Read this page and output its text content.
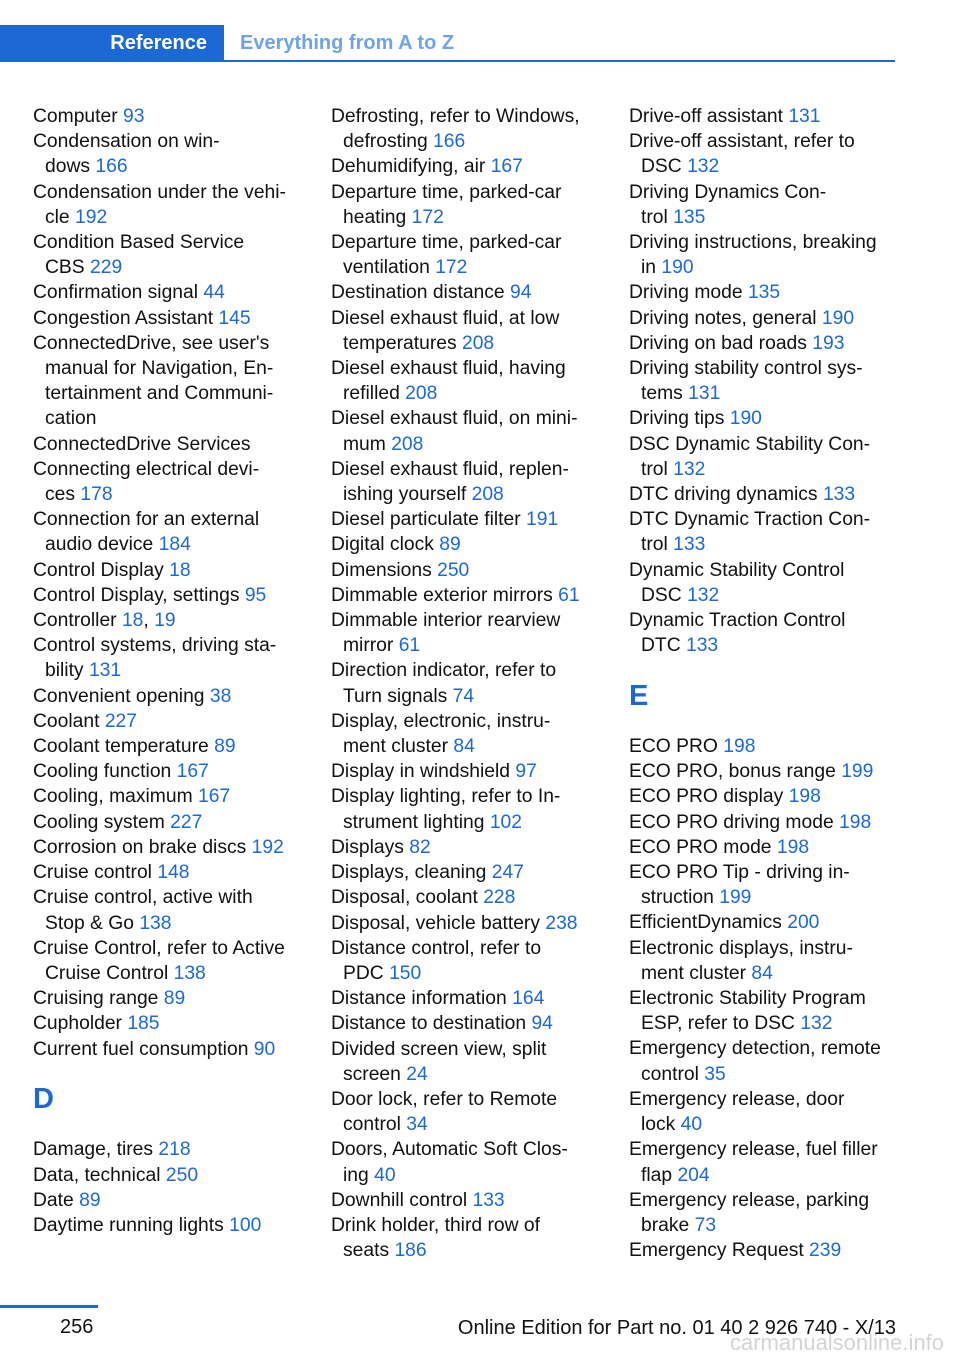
Reference	Everything from A to Z
Computer 93
Condensation on win-
dows 166
Condensation under the vehi-
cle 192
Condition Based Service
CBS 229
Confirmation signal 44
Congestion Assistant 145
ConnectedDrive, see user's
manual for Navigation, En-
tertainment and Communi-
cation
ConnectedDrive Services
Connecting electrical devi-
ces 178
Connection for an external
audio device 184
Control Display 18
Control Display, settings 95
Controller 18, 19
Control systems, driving sta-
bility 131
Convenient opening 38
Coolant 227
Coolant temperature 89
Cooling function 167
Cooling, maximum 167
Cooling system 227
Corrosion on brake discs 192
Cruise control 148
Cruise control, active with
Stop & Go 138
Cruise Control, refer to Active
Cruise Control 138
Cruising range 89
Cupholder 185
Current fuel consumption 90
D
Damage, tires 218
Data, technical 250
Date 89
Daytime running lights 100
Defrosting, refer to Windows,
defrosting 166
Dehumidifying, air 167
Departure time, parked-car
heating 172
Departure time, parked-car
ventilation 172
Destination distance 94
Diesel exhaust fluid, at low
temperatures 208
Diesel exhaust fluid, having
refilled 208
Diesel exhaust fluid, on mini-
mum 208
Diesel exhaust fluid, replen-
ishing yourself 208
Diesel particulate filter 191
Digital clock 89
Dimensions 250
Dimmable exterior mirrors 61
Dimmable interior rearview
mirror 61
Direction indicator, refer to
Turn signals 74
Display, electronic, instru-
ment cluster 84
Display in windshield 97
Display lighting, refer to In-
strument lighting 102
Displays 82
Displays, cleaning 247
Disposal, coolant 228
Disposal, vehicle battery 238
Distance control, refer to
PDC 150
Distance information 164
Distance to destination 94
Divided screen view, split
screen 24
Door lock, refer to Remote
control 34
Doors, Automatic Soft Clos-
ing 40
Downhill control 133
Drink holder, third row of
seats 186
Drive-off assistant 131
Drive-off assistant, refer to
DSC 132
Driving Dynamics Con-
trol 135
Driving instructions, breaking
in 190
Driving mode 135
Driving notes, general 190
Driving on bad roads 193
Driving stability control sys-
tems 131
Driving tips 190
DSC Dynamic Stability Con-
trol 132
DTC driving dynamics 133
DTC Dynamic Traction Con-
trol 133
Dynamic Stability Control
DSC 132
Dynamic Traction Control
DTC 133
E
ECO PRO 198
ECO PRO, bonus range 199
ECO PRO display 198
ECO PRO driving mode 198
ECO PRO mode 198
ECO PRO Tip - driving in-
struction 199
EfficientDynamics 200
Electronic displays, instru-
ment cluster 84
Electronic Stability Program
ESP, refer to DSC 132
Emergency detection, remote
control 35
Emergency release, door
lock 40
Emergency release, fuel filler
flap 204
Emergency release, parking
brake 73
Emergency Request 239
256	Online Edition for Part no. 01 40 2 926 740 - X/13
carmanualsonline.info
